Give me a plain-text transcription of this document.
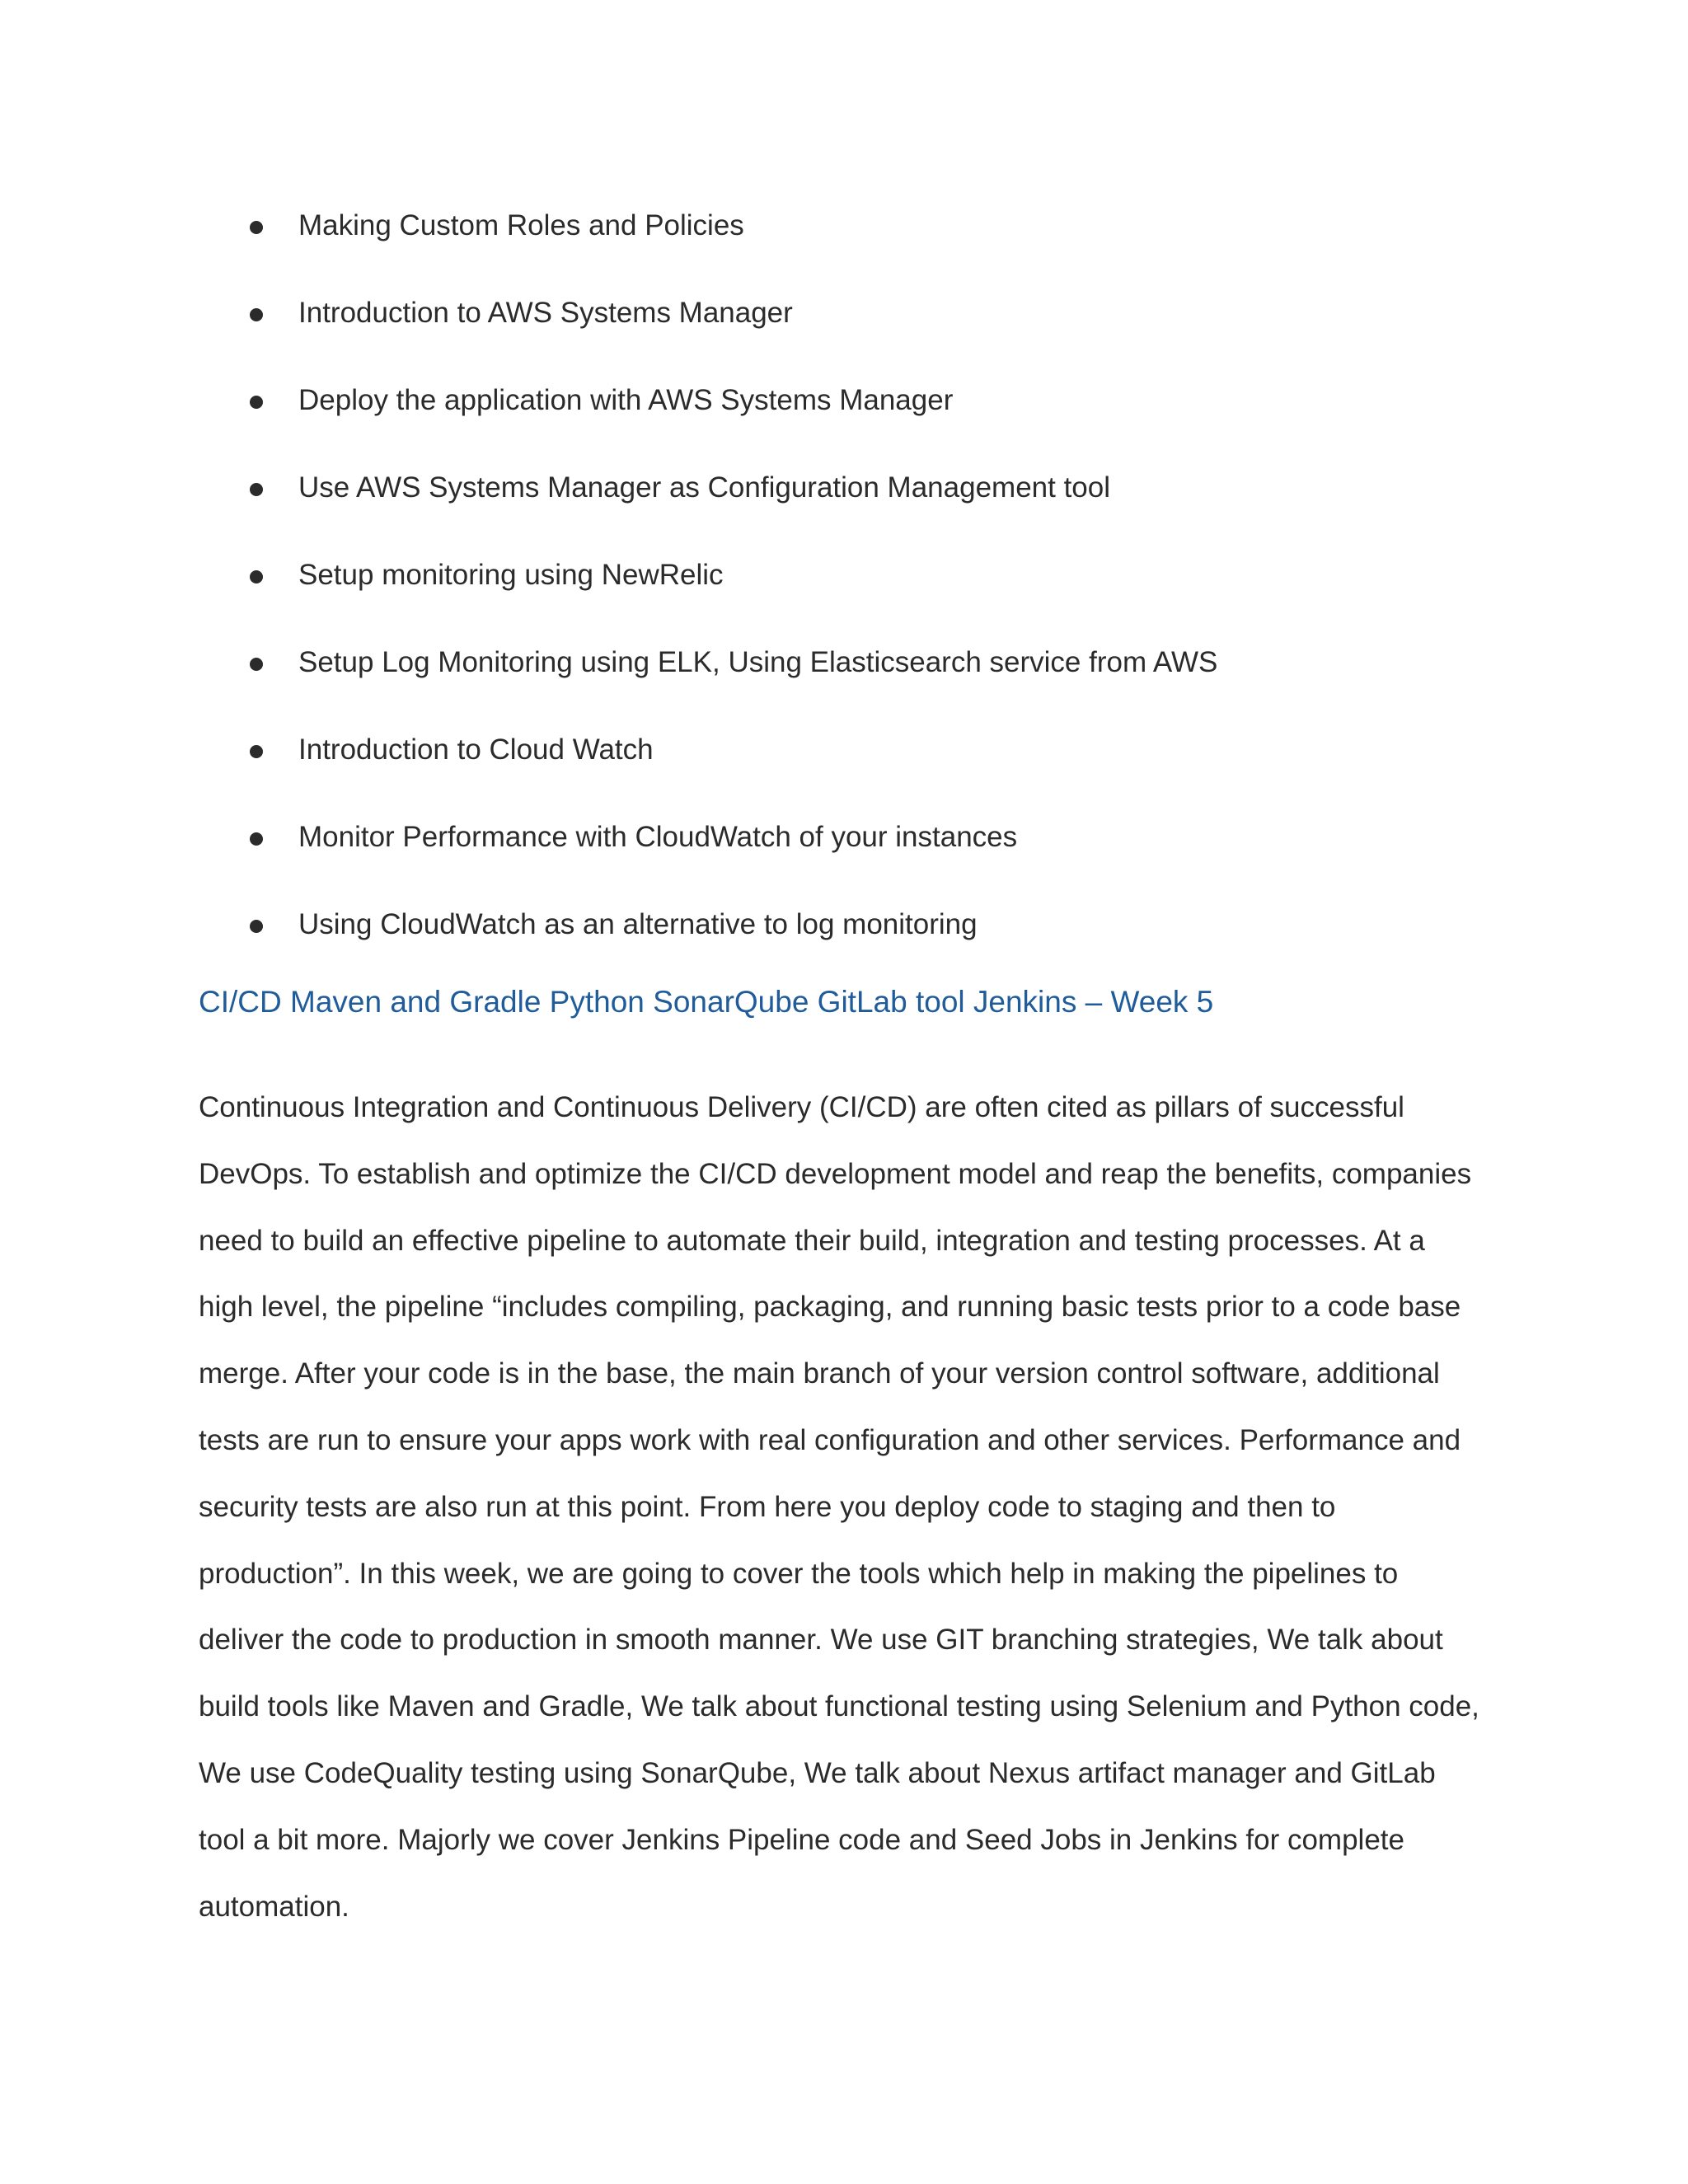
Making Custom Roles and Policies
Introduction to AWS Systems Manager
Deploy the application with AWS Systems Manager
Use AWS Systems Manager as Configuration Management tool
Setup monitoring using NewRelic
Setup Log Monitoring using ELK, Using Elasticsearch service from AWS
Introduction to Cloud Watch
Monitor Performance with CloudWatch of your instances
Using CloudWatch as an alternative to log monitoring
CI/CD Maven and Gradle Python SonarQube GitLab tool Jenkins – Week 5

Continuous Integration and Continuous Delivery (CI/CD) are often cited as pillars of successful
DevOps. To establish and optimize the CI/CD development model and reap the benefits, companies
need to build an effective pipeline to automate their build, integration and testing processes. At a
high level, the pipeline “includes compiling, packaging, and running basic tests prior to a code base
merge. After your code is in the base, the main branch of your version control software, additional
tests are run to ensure your apps work with real configuration and other services. Performance and
security tests are also run at this point. From here you deploy code to staging and then to
production”. In this week, we are going to cover the tools which help in making the pipelines to
deliver the code to production in smooth manner. We use GIT branching strategies, We talk about
build tools like Maven and Gradle, We talk about functional testing using Selenium and Python code,
We use CodeQuality testing using SonarQube, We talk about Nexus artifact manager and GitLab
tool a bit more. Majorly we cover Jenkins Pipeline code and Seed Jobs in Jenkins for complete
automation.
